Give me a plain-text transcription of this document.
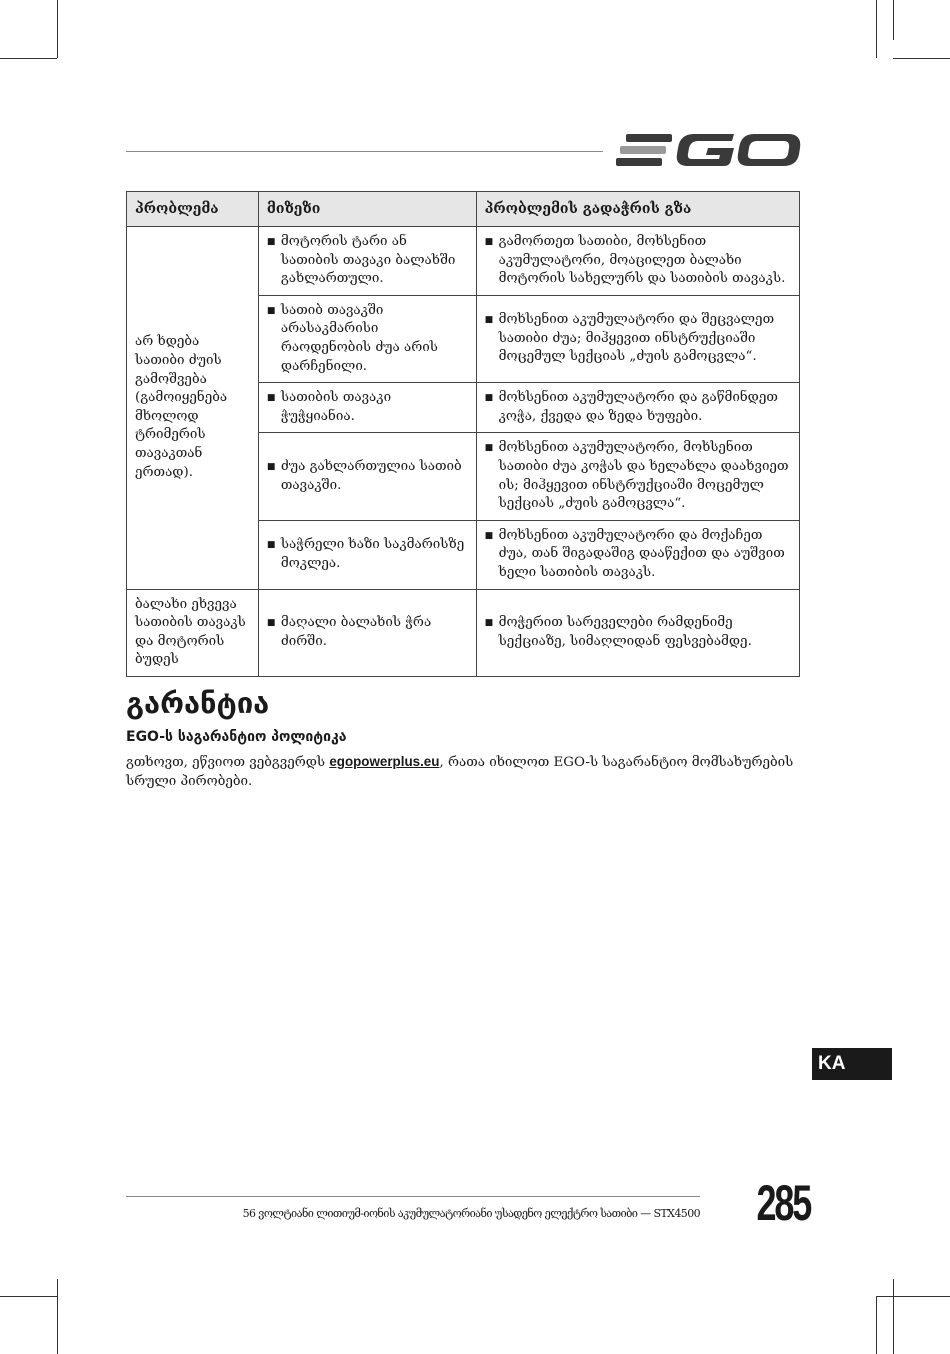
პრობლემა	მიზეზი	პრობლემის გადაჭრის გზა
არ ხდება სათიბი ძუის გამოშვება (გამოიყენება მხოლოდ ტრიმერის თავაკთან ერთად).	■ მოტორის ტარი ან სათიბის თავაკი ბალახში გახლართული.	■ გამორთეთ სათიბი, მოხსენით აკუმულატორი, მოაცილეთ ბალახი მოტორის სახელურს და სათიბის თავაკს.

	■ სათიბ თავაკში არასაკმარისი რაოდენობის ძუა არის დარჩენილი.	■ მოხსენით აკუმულატორი და შეცვალეთ სათიბი ძუა; მიჰყევით ინსტრუქციაში მოცემულ სექციას „ძუის გამოცვლა“.

	■ სათიბის თავაკი ჭუჭყიანია.	■ მოხსენით აკუმულატორი და გაწმინდეთ კოჭა, ქვედა და ზედა ხუფები.

	■ ძუა გახლართულია სათიბ თავაკში.	■ მოხსენით აკუმულატორი, მოხსენით სათიბი ძუა კოჭას და ხელახლა დაახვიეთ ის; მიჰყევით ინსტრუქციაში მოცემულ სექციას „ძუის გამოცვლა“.

	■ საჭრელი ხაზი საკმარისზე მოკლეა.	■ მოხსენით აკუმულატორი და მოქაჩეთ ძუა, თან შიგადაშიგ დააწექით და აუშვით ხელი სათიბის თავაკს.

ბალახი ეხვევა სათიბის თავაკს და მოტორის ბუდეს	■ მაღალი ბალახის ჭრა ძირში.	■ მოჭერით სარეველები რამდენიმე სექციაზე, სიმაღლიდან ფესვებამდე.
გარანტია
EGO-ს საგარანტიო პოლიტიკა

გთხოვთ, ეწვიოთ ვებგვერდს egopowerplus.eu, რათა იხილოთ EGO-ს საგარანტიო მომსახურების სრული პირობები.

KA
56 ვოლტიანი ლითიუმ-იონის აკუმულატორიანი უსადენო ელექტრო სათიბი — STX4500 285
